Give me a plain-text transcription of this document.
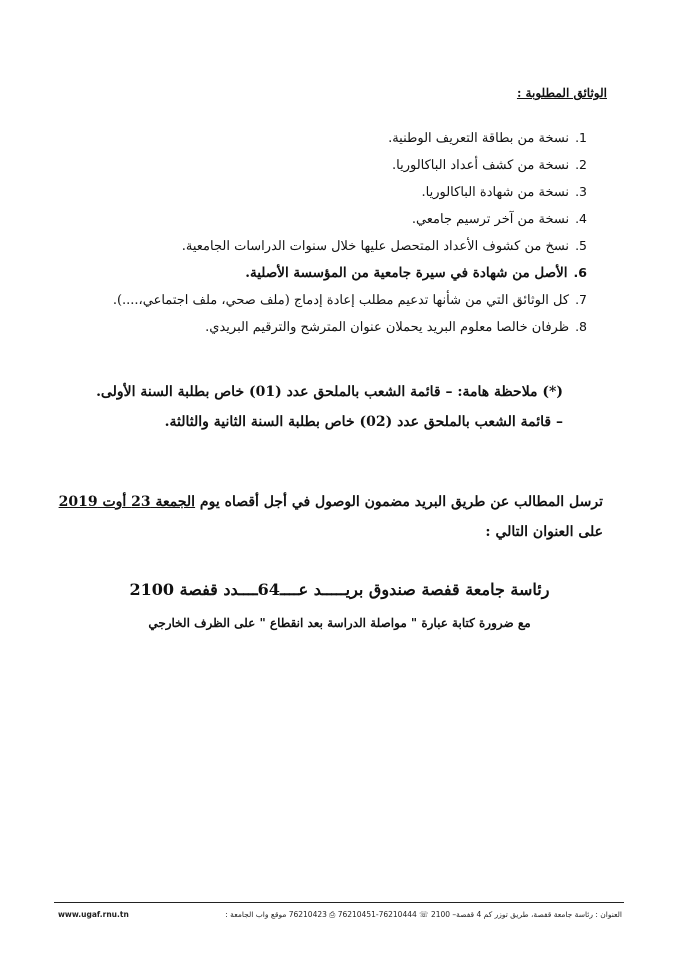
الوثائق المطلوبة :
1.نسخة من بطاقة التعريف الوطنية.
2.نسخة من كشف أعداد الباكالوريا.
3.نسخة من شهادة الباكالوريا.
4.نسخة من آخر ترسيم جامعي.
5.نسخ من كشوف الأعداد المتحصل عليها خلال سنوات الدراسات الجامعية.
6.الأصل من شهادة في سيرة جامعية من المؤسسة الأصلية.
7.كل الوثائق التي من شأنها تدعيم مطلب إعادة إدماج (ملف صحي، ملف اجتماعي،....).
8.ظرفان خالصا معلوم البريد يحملان عنوان المترشح والترقيم البريدي.
(*) ملاحظة هامة: – قائمة الشعب بالملحق عدد (01) خاص بطلبة السنة الأولى.
– قائمة الشعب بالملحق عدد (02) خاص بطلبة السنة الثانية والثالثة.
ترسل المطالب عن طريق البريد مضمون الوصول في أجل أقصاه يوم الجمعة 23 أوت 2019
على العنوان التالي :
رئاسة جامعة قفصة صندوق بريـــــد عــــ64ــــدد قفصة 2100
مع ضرورة كتابة عبارة " مواصلة الدراسة بعد انقطاع " على الظرف الخارجي
www.ugaf.rnu.tn	العنوان : رئاسة جامعة قفصة، طريق توزر كم 4 قفصة– 2100 ☏ 76210444-76210451 ⎙ 76210423 موقع واب الجامعة :
